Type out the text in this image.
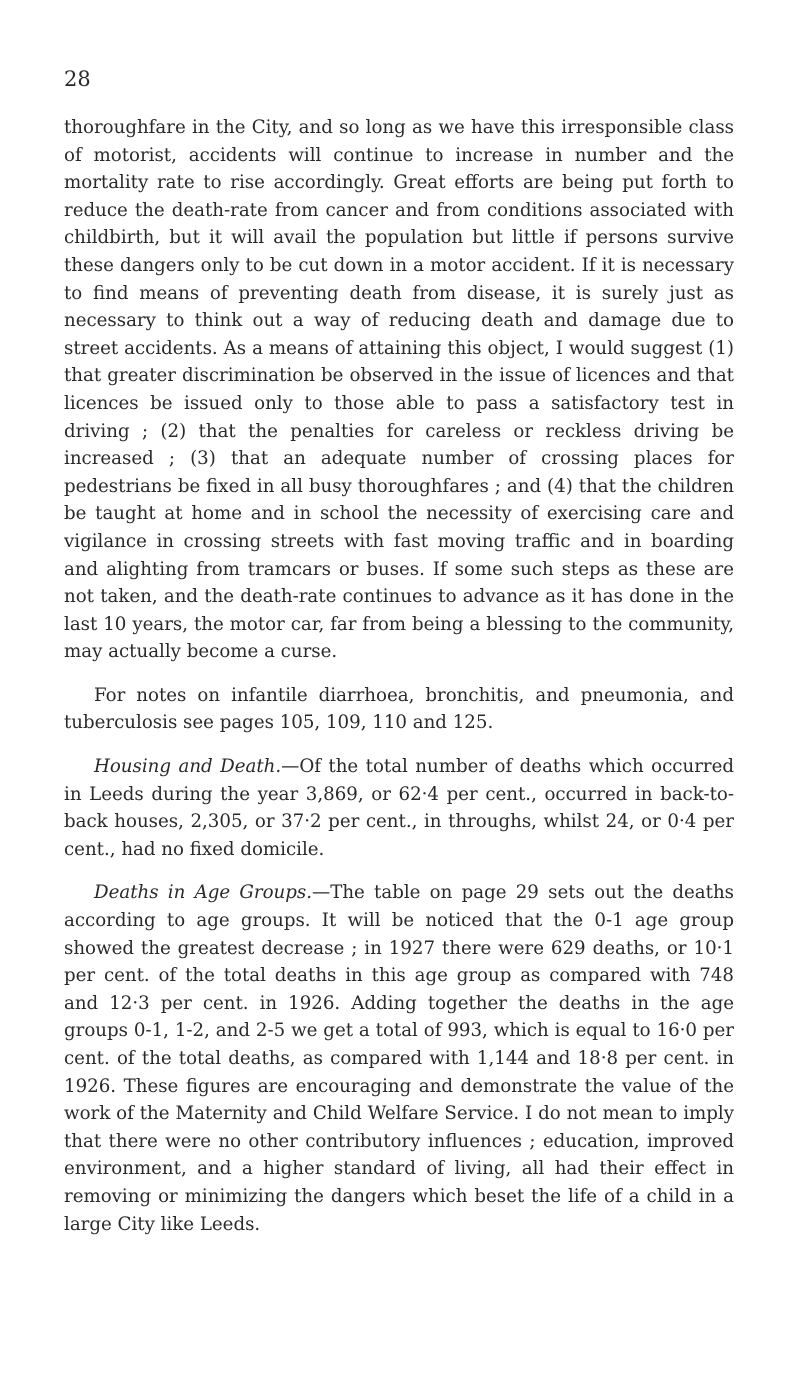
28

thoroughfare in the City, and so long as we have this irresponsible class of motorist, accidents will continue to increase in number and the mortality rate to rise accordingly. Great efforts are being put forth to reduce the death-rate from cancer and from conditions associated with childbirth, but it will avail the population but little if persons survive these dangers only to be cut down in a motor accident. If it is necessary to find means of preventing death from disease, it is surely just as necessary to think out a way of reducing death and damage due to street accidents. As a means of attaining this object, I would suggest (1) that greater discrimination be observed in the issue of licences and that licences be issued only to those able to pass a satisfactory test in driving ; (2) that the penalties for careless or reckless driving be increased ; (3) that an adequate number of crossing places for pedestrians be fixed in all busy thoroughfares ; and (4) that the children be taught at home and in school the necessity of exercising care and vigilance in crossing streets with fast moving traffic and in boarding and alighting from tramcars or buses. If some such steps as these are not taken, and the death-rate continues to advance as it has done in the last 10 years, the motor car, far from being a blessing to the community, may actually become a curse.

For notes on infantile diarrhoea, bronchitis, and pneumonia, and tuberculosis see pages 105, 109, 110 and 125.

Housing and Death.—Of the total number of deaths which occurred in Leeds during the year 3,869, or 62·4 per cent., occurred in back-to-back houses, 2,305, or 37·2 per cent., in throughs, whilst 24, or 0·4 per cent., had no fixed domicile.

Deaths in Age Groups.—The table on page 29 sets out the deaths according to age groups. It will be noticed that the 0-1 age group showed the greatest decrease ; in 1927 there were 629 deaths, or 10·1 per cent. of the total deaths in this age group as compared with 748 and 12·3 per cent. in 1926. Adding together the deaths in the age groups 0-1, 1-2, and 2-5 we get a total of 993, which is equal to 16·0 per cent. of the total deaths, as compared with 1,144 and 18·8 per cent. in 1926. These figures are encouraging and demonstrate the value of the work of the Maternity and Child Welfare Service. I do not mean to imply that there were no other contributory influences ; education, improved environment, and a higher standard of living, all had their effect in removing or minimizing the dangers which beset the life of a child in a large City like Leeds.
